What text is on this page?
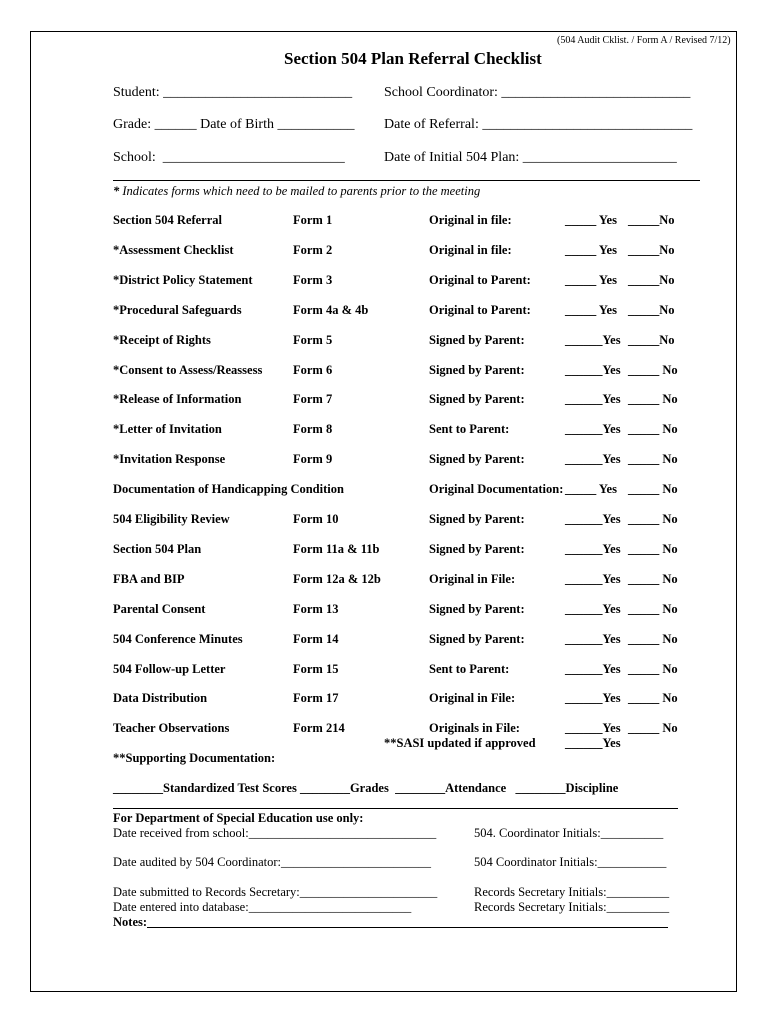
(504 Audit Cklist. / Form A / Revised 7/12)
Section 504 Plan Referral Checklist
Student: ___________________________ School Coordinator: ___________________________
Grade: ______ Date of Birth ___________ Date of Referral: ______________________________
School:  __________________________	Date of Initial 504 Plan: ______________________
* Indicates forms which need to be mailed to parents prior to the meeting
Section 504 Referral	Form 1	Original in file:	_____ Yes _____No
*Assessment Checklist	Form 2	Original in file:	_____ Yes _____No
*District Policy Statement	Form 3	Original to Parent:	_____ Yes _____No
*Procedural Safeguards	Form 4a & 4b	Original to Parent:	_____ Yes _____No
*Receipt of Rights	Form 5	Signed by Parent:	______Yes _____No
*Consent to Assess/Reassess Form 6	Signed by Parent:	______Yes _____ No
*Release of Information	Form 7	Signed by Parent:	______Yes _____ No
*Letter of Invitation	Form 8	Sent to Parent:	______Yes _____ No
*Invitation Response	Form 9	Signed by Parent:	______Yes _____ No
Documentation of Handicapping Condition	Original Documentation: _____ Yes _____ No
504 Eligibility Review	Form 10	Signed by Parent:	______Yes _____ No
Section 504 Plan	Form 11a & 11b	Signed by Parent:	______Yes _____ No
FBA and BIP	Form 12a & 12b	Original in File:	______Yes _____ No
Parental Consent	Form 13	Signed by Parent:	______Yes _____ No
504 Conference Minutes	Form 14	Signed by Parent:	______Yes _____ No
504 Follow-up Letter	Form 15	Sent to Parent:	______Yes _____ No
Data Distribution	Form 17	Original in File:	______Yes _____ No
Teacher Observations	Form 214	Originals in File:	______Yes _____ No
**SASI updated if approved ______Yes
**Supporting Documentation:
________Standardized Test Scores ________Grades  ________Attendance   ________Discipline
For Department of Special Education use only:
Date received from school:______________________________	504. Coordinator Initials:__________
Date audited by 504 Coordinator:________________________	504 Coordinator Initials:___________
Date submitted to Records Secretary:______________________	Records Secretary Initials:__________
Date entered into database:__________________________	Records Secretary Initials:__________
Notes:
